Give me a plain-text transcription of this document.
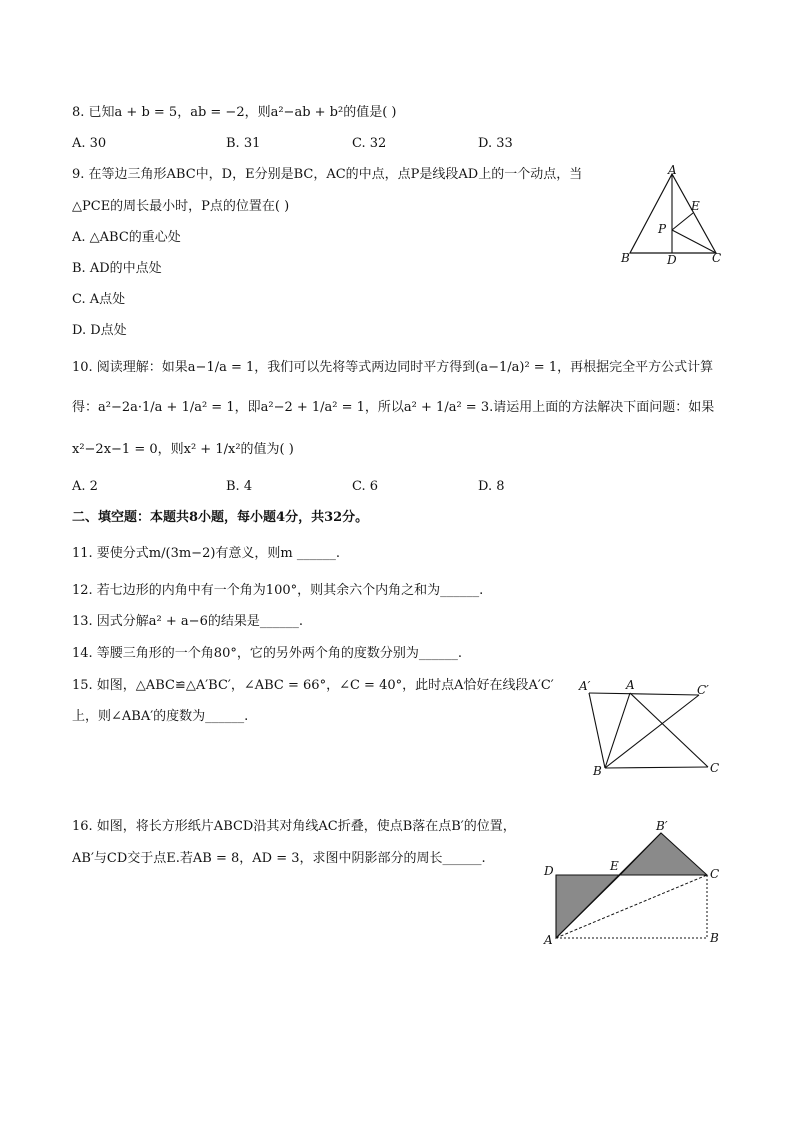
8. 已知a + b = 5，ab = −2，则a²−ab + b²的值是( )
A. 30	B. 31	C. 32	D. 33
9. 在等边三角形ABC中，D，E分别是BC，AC的中点，点P是线段AD上的一个动点，当
△PCE的周长最小时，P点的位置在( )
A. △ABC的重心处
B. AD的中点处
C. A点处
D. D点处
A
E
P
B	D	C
10. 阅读理解：如果a−1/a = 1，我们可以先将等式两边同时平方得到(a−1/a)² = 1，再根据完全平方公式计算
得：a²−2a·1/a + 1/a² = 1，即a²−2 + 1/a² = 1，所以a² + 1/a² = 3.请运用上面的方法解决下面问题：如果
x²−2x−1 = 0，则x² + 1/x²的值为( )
A. 2	B. 4	C. 6	D. 8
二、填空题：本题共8小题，每小题4分，共32分。
11. 要使分式m/(3m−2)有意义，则m ______.
12. 若七边形的内角中有一个角为100°，则其余六个内角之和为______.
13. 因式分解a² + a−6的结果是______.
14. 等腰三角形的一个角80°，它的另外两个角的度数分别为______.
15. 如图，△ABC≌△A′BC′，∠ABC = 66°，∠C = 40°，此时点A恰好在线段A′C′
上，则∠ABA′的度数为______.
A′	A	C′
B	C
16. 如图，将长方形纸片ABCD沿其对角线AC折叠，使点B落在点B′的位置，
AB′与CD交于点E.若AB = 8，AD = 3，求图中阴影部分的周长______.
B′
D	E
C
A	B
